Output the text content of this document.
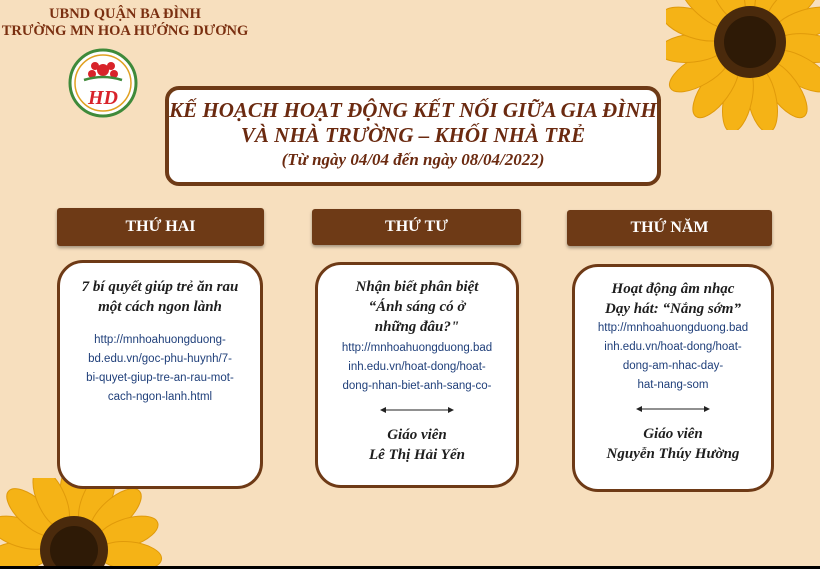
UBND QUẬN BA ĐÌNH
TRƯỜNG MN HOA HƯỚNG DƯƠNG
HD KẾ HOẠCH HOẠT ĐỘNG KẾT NỐI GIỮA GIA ĐÌNH
VÀ NHÀ TRƯỜNG – KHỐI NHÀ TRẺ
(Từ ngày 04/04 đến ngày 08/04/2022)
THỨ HAI	THỨ TƯ	THỨ NĂM
7 bí quyết giúp trẻ ăn rau
một cách ngon lành
http://mnhoahuongduong-
bd.edu.vn/goc-phu-huynh/7-
bi-quyet-giup-tre-an-rau-mot-
cach-ngon-lanh.html
Nhận biết phân biệt
“Ánh sáng có ở
những đâu?"
http://mnhoahuongduong.bad
inh.edu.vn/hoat-dong/hoat-
dong-nhan-biet-anh-sang-co-
Giáo viên
Lê Thị Hải Yến
Hoạt động âm nhạc
Dạy hát: “Nắng sớm”
http://mnhoahuongduong.bad
inh.edu.vn/hoat-dong/hoat-
dong-am-nhac-day-
hat-nang-som
Giáo viên
Nguyễn Thúy Hường
